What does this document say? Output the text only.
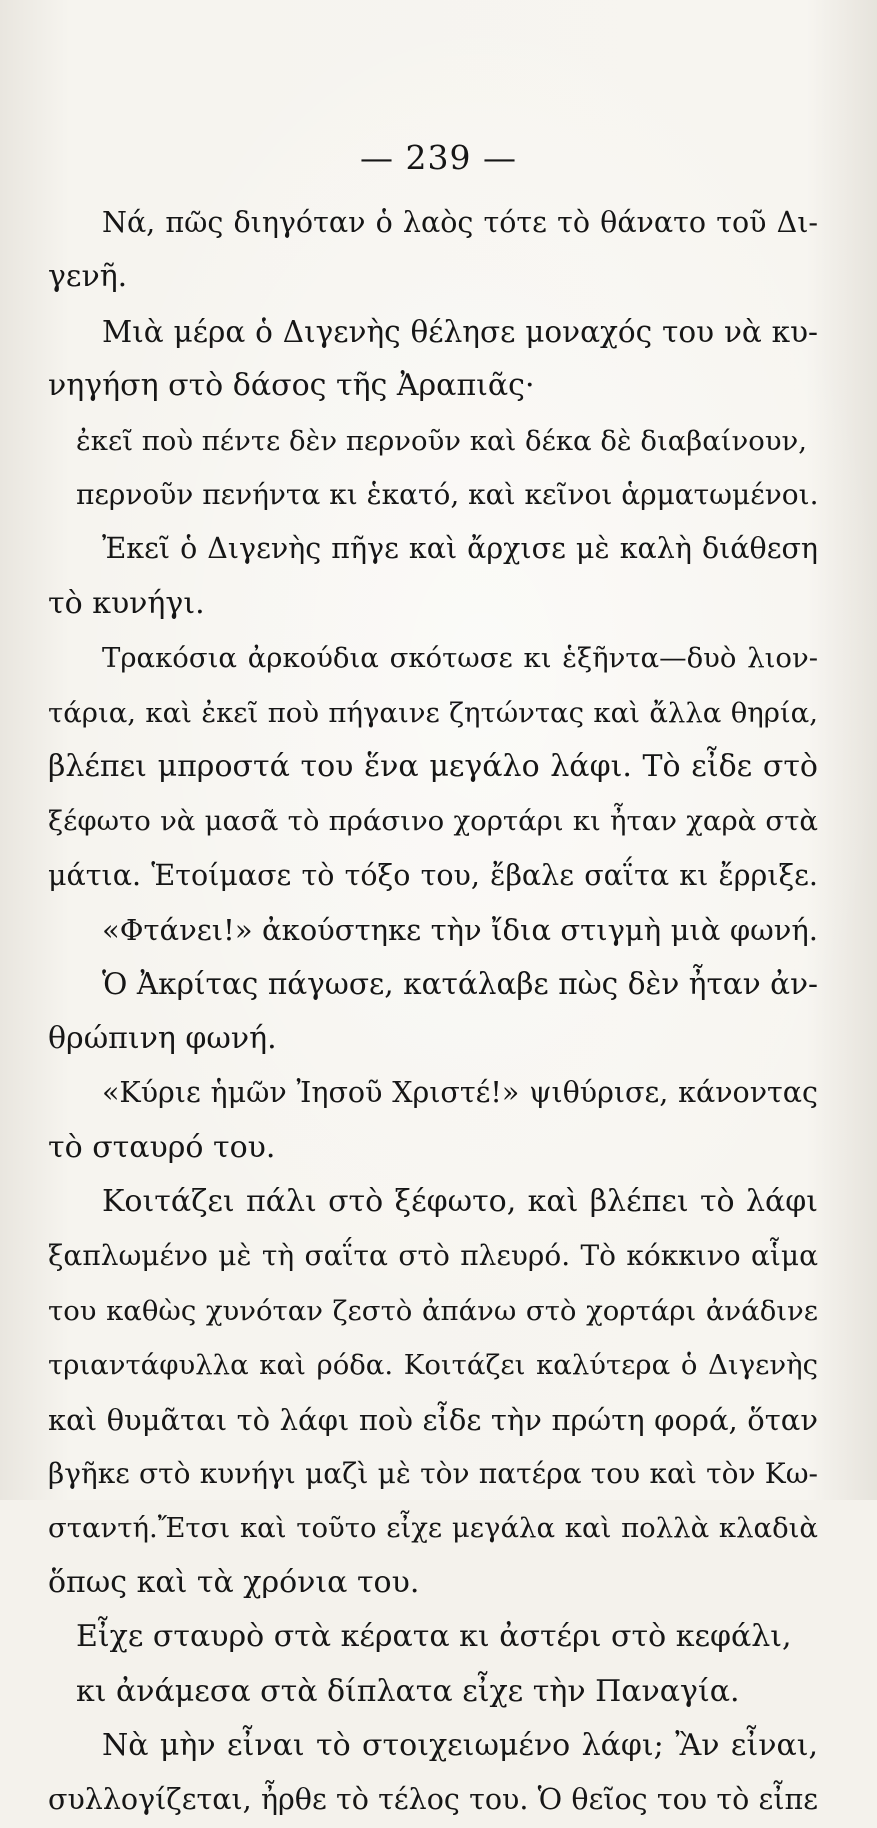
— 239 —
Νά, πῶς διηγόταν ὁ λαὸς τότε τὸ θάνατο τοῦ Δι-
γενῆ.
Μιὰ μέρα ὁ Διγενὴς θέλησε μοναχός του νὰ κυ-
νηγήση στὸ δάσος τῆς Ἀραπιᾶς·
ἐκεῖ ποὺ πέντε δὲν περνοῦν καὶ δέκα δὲ διαβαίνουν,
περνοῦν πενήντα κι ἑκατό, καὶ κεῖνοι ἁρματωμένοι.
Ἐκεῖ ὁ Διγενὴς πῆγε καὶ ἄρχισε μὲ καλὴ διάθεση
τὸ κυνήγι.
Τρακόσια ἀρκούδια σκότωσε κι ἑξῆντα—δυὸ λιον-
τάρια, καὶ ἐκεῖ ποὺ πήγαινε ζητώντας καὶ ἄλλα θηρία,
βλέπει μπροστά του ἕνα μεγάλο λάφι. Τὸ εἶδε στὸ
ξέφωτο νὰ μασᾶ τὸ πράσινο χορτάρι κι ἦταν χαρὰ στὰ
μάτια. Ἑτοίμασε τὸ τόξο του, ἔβαλε σαΐτα κι ἔρριξε.
«Φτάνει!» ἀκούστηκε τὴν ἴδια στιγμὴ μιὰ φωνή.
Ὁ Ἀκρίτας πάγωσε, κατάλαβε πὼς δὲν ἦταν ἀν-
θρώπινη φωνή.
«Κύριε ἡμῶν Ἰησοῦ Χριστέ!» ψιθύρισε, κάνοντας
τὸ σταυρό του.
Κοιτάζει πάλι στὸ ξέφωτο, καὶ βλέπει τὸ λάφι
ξαπλωμένο μὲ τὴ σαΐτα στὸ πλευρό. Τὸ κόκκινο αἷμα
του καθὼς χυνόταν ζεστὸ ἀπάνω στὸ χορτάρι ἀνάδινε
τριαντάφυλλα καὶ ρόδα. Κοιτάζει καλύτερα ὁ Διγενὴς
καὶ θυμᾶται τὸ λάφι ποὺ εἶδε τὴν πρώτη φορά, ὅταν
βγῆκε στὸ κυνήγι μαζὶ μὲ τὸν πατέρα του καὶ τὸν Κω-
σταντή.Ἔτσι καὶ τοῦτο εἶχε μεγάλα καὶ πολλὰ κλαδιὰ
ὅπως καὶ τὰ χρόνια του.
Εἶχε σταυρὸ στὰ κέρατα κι ἀστέρι στὸ κεφάλι,
κι ἀνάμεσα στὰ δίπλατα εἶχε τὴν Παναγία.
Νὰ μὴν εἶναι τὸ στοιχειωμένο λάφι; Ἂν εἶναι,
συλλογίζεται, ἦρθε τὸ τέλος του. Ὁ θεῖος του τὸ εἶπε
